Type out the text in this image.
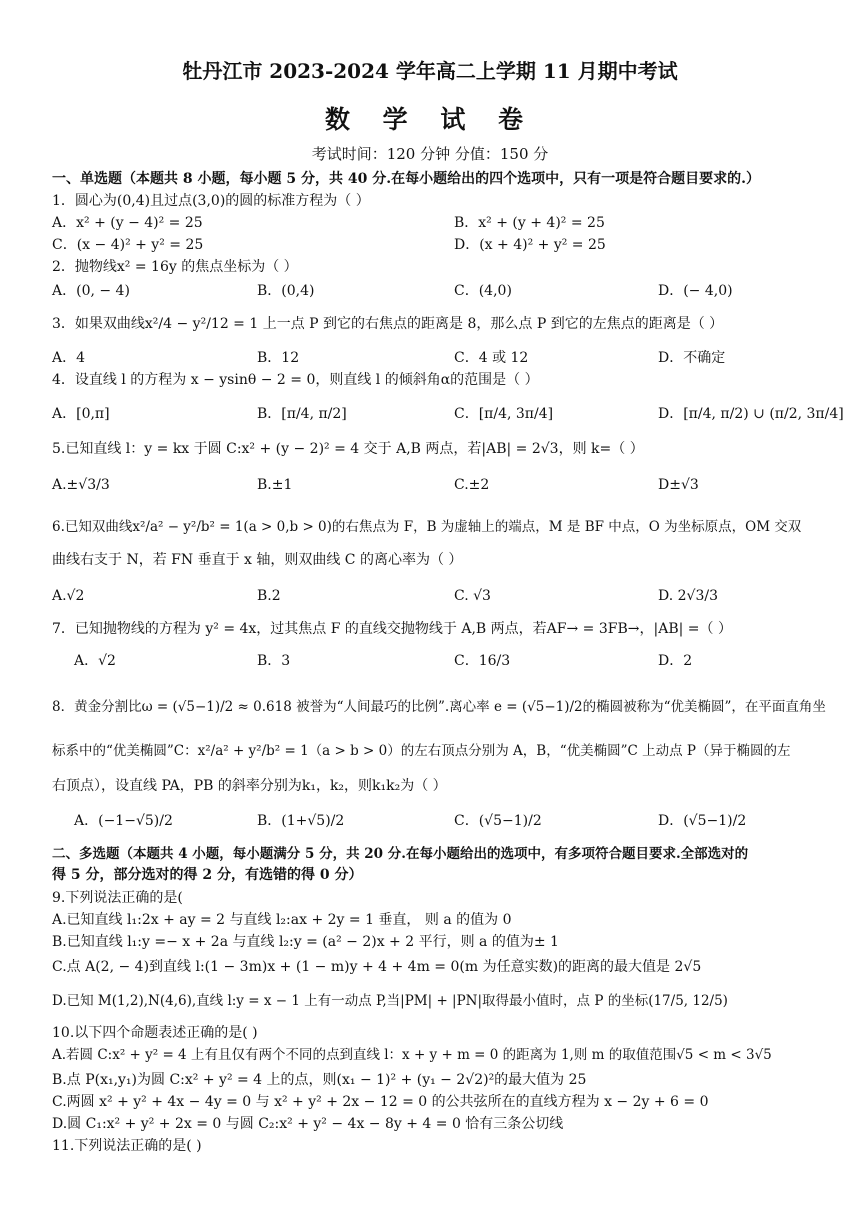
牡丹江市 2023-2024 学年高二上学期 11 月期中考试
数 学 试 卷
考试时间：120 分钟 分值：150 分
一、单选题（本题共 8 小题，每小题 5 分，共 40 分.在每小题给出的四个选项中，只有一项是符合题目要求的.）
1．圆心为(0,4)且过点(3,0)的圆的标准方程为（ ）
A．x² + (y − 4)² = 25	B．x² + (y + 4)² = 25
C．(x − 4)² + y² = 25	D．(x + 4)² + y² = 25
2．抛物线x² = 16y 的焦点坐标为（ ）
A．(0, − 4)	B．(0,4)	C．(4,0)	D．(− 4,0)
3．如果双曲线x²/4 − y²/12 = 1 上一点 P 到它的右焦点的距离是 8，那么点 P 到它的左焦点的距离是（ ）
A．4	B．12	C．4 或 12	D．不确定
4．设直线 l 的方程为 x − ysinθ − 2 = 0，则直线 l 的倾斜角α的范围是（ ）
A．[0,π]	B．[π/4, π/2]	C．[π/4, 3π/4]	D．[π/4, π/2) ∪ (π/2, 3π/4]
5.已知直线 l：y = kx 于圆 C:x² + (y − 2)² = 4 交于 A,B 两点，若|AB| = 2√3，则 k=（ ）
A.±√3/3	B.±1	C.±2	D±√3
6.已知双曲线x²/a² − y²/b² = 1(a > 0,b > 0)的右焦点为 F，B 为虚轴上的端点，M 是 BF 中点，O 为坐标原点，OM 交双
曲线右支于 N，若 FN 垂直于 x 轴，则双曲线 C 的离心率为（ ）
A.√2	B.2	C. √3	D. 2√3/3
7．已知抛物线的方程为 y² = 4x，过其焦点 F 的直线交抛物线于 A,B 两点，若AF→ = 3FB→，|AB| =（ ）
A．√2	B．3	C．16/3	D．2
8．黄金分割比ω = (√5−1)/2 ≈ 0.618 被誉为“人间最巧的比例”.离心率 e = (√5−1)/2的椭圆被称为“优美椭圆”，在平面直角坐
标系中的“优美椭圆”C：x²/a² + y²/b² = 1（a > b > 0）的左右顶点分别为 A，B，“优美椭圆”C 上动点 P（异于椭圆的左
右顶点），设直线 PA，PB 的斜率分别为k₁，k₂，则k₁k₂为（ ）
A．(−1−√5)/2	B．(1+√5)/2	C．(√5−1)/2	D．(√5−1)/2
二、多选题（本题共 4 小题，每小题满分 5 分，共 20 分.在每小题给出的选项中，有多项符合题目要求.全部选对的
得 5 分，部分选对的得 2 分，有选错的得 0 分）
9.下列说法正确的是(
A.已知直线 l₁:2x + ay = 2 与直线 l₂:ax + 2y = 1 垂直， 则 a 的值为 0
B.已知直线 l₁:y =− x + 2a 与直线 l₂:y = (a² − 2)x + 2 平行，则 a 的值为± 1
C.点 A(2, − 4)到直线 l:(1 − 3m)x + (1 − m)y + 4 + 4m = 0(m 为任意实数)的距离的最大值是 2√5
D.已知 M(1,2),N(4,6),直线 l:y = x − 1 上有一动点 P,当|PM| + |PN|取得最小值时，点 P 的坐标(17/5, 12/5)
10.以下四个命题表述正确的是( )
A.若圆 C:x² + y² = 4 上有且仅有两个不同的点到直线 l：x + y + m = 0 的距离为 1,则 m 的取值范围√5 < m < 3√5
B.点 P(x₁,y₁)为圆 C:x² + y² = 4 上的点，则(x₁ − 1)² + (y₁ − 2√2)²的最大值为 25
C.两圆 x² + y² + 4x − 4y = 0 与 x² + y² + 2x − 12 = 0 的公共弦所在的直线方程为 x − 2y + 6 = 0
D.圆 C₁:x² + y² + 2x = 0 与圆 C₂:x² + y² − 4x − 8y + 4 = 0 恰有三条公切线
11.下列说法正确的是( )
